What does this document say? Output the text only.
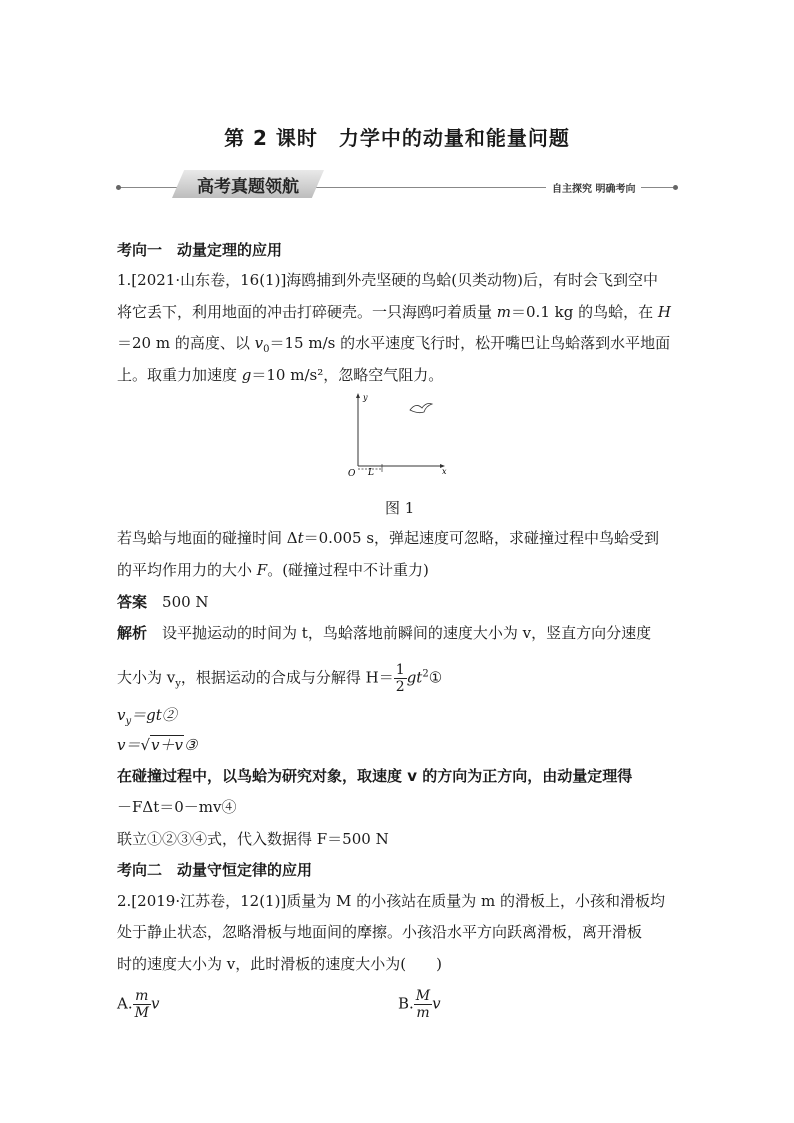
第 2 课时　力学中的动量和能量问题
高考真题领航	自主探究 明确考向
考向一　动量定理的应用
1.[2021·山东卷，16(1)]海鸥捕到外壳坚硬的鸟蛤(贝类动物)后，有时会飞到空中
将它丢下，利用地面的冲击打碎硬壳。一只海鸥叼着质量 m＝0.1 kg 的鸟蛤，在 H
＝20 m 的高度、以 $v_0=15$ m/s 的水平速度飞行时，松开嘴巴让鸟蛤落到水平地面
上。取重力加速度 g＝10 m/s²，忽略空气阻力。
y
x
O L
图 1
若鸟蛤与地面的碰撞时间 Δt＝0.005 s，弹起速度可忽略，求碰撞过程中鸟蛤受到
的平均作用力的大小 F。(碰撞过程中不计重力)
答案　 500 N
解析　 设平抛运动的时间为 t，鸟蛤落地前瞬间的速度大小为 v，竖直方向分速度
大小为 $v_y$，根据运动的合成与分解得 $H= \frac{1}{2}$ $gt^2①$
$v_y=gt②$
v＝√v＋v③
在碰撞过程中，以鸟蛤为研究对象，取速度 v 的方向为正方向，由动量定理得
－FΔt＝0－mv④
联立①②③④式，代入数据得 F＝500 N
考向二　动量守恒定律的应用
2.[2019·江苏卷，12(1)]质量为 M 的小孩站在质量为 m 的滑板上，小孩和滑板均
处于静止状态，忽略滑板与地面间的摩擦。小孩沿水平方向跃离滑板，离开滑板
时的速度大小为 v，此时滑板的速度大小为(　　)
A. $\frac{m}{M}$ v	B. $\frac{M}{m}$ v
